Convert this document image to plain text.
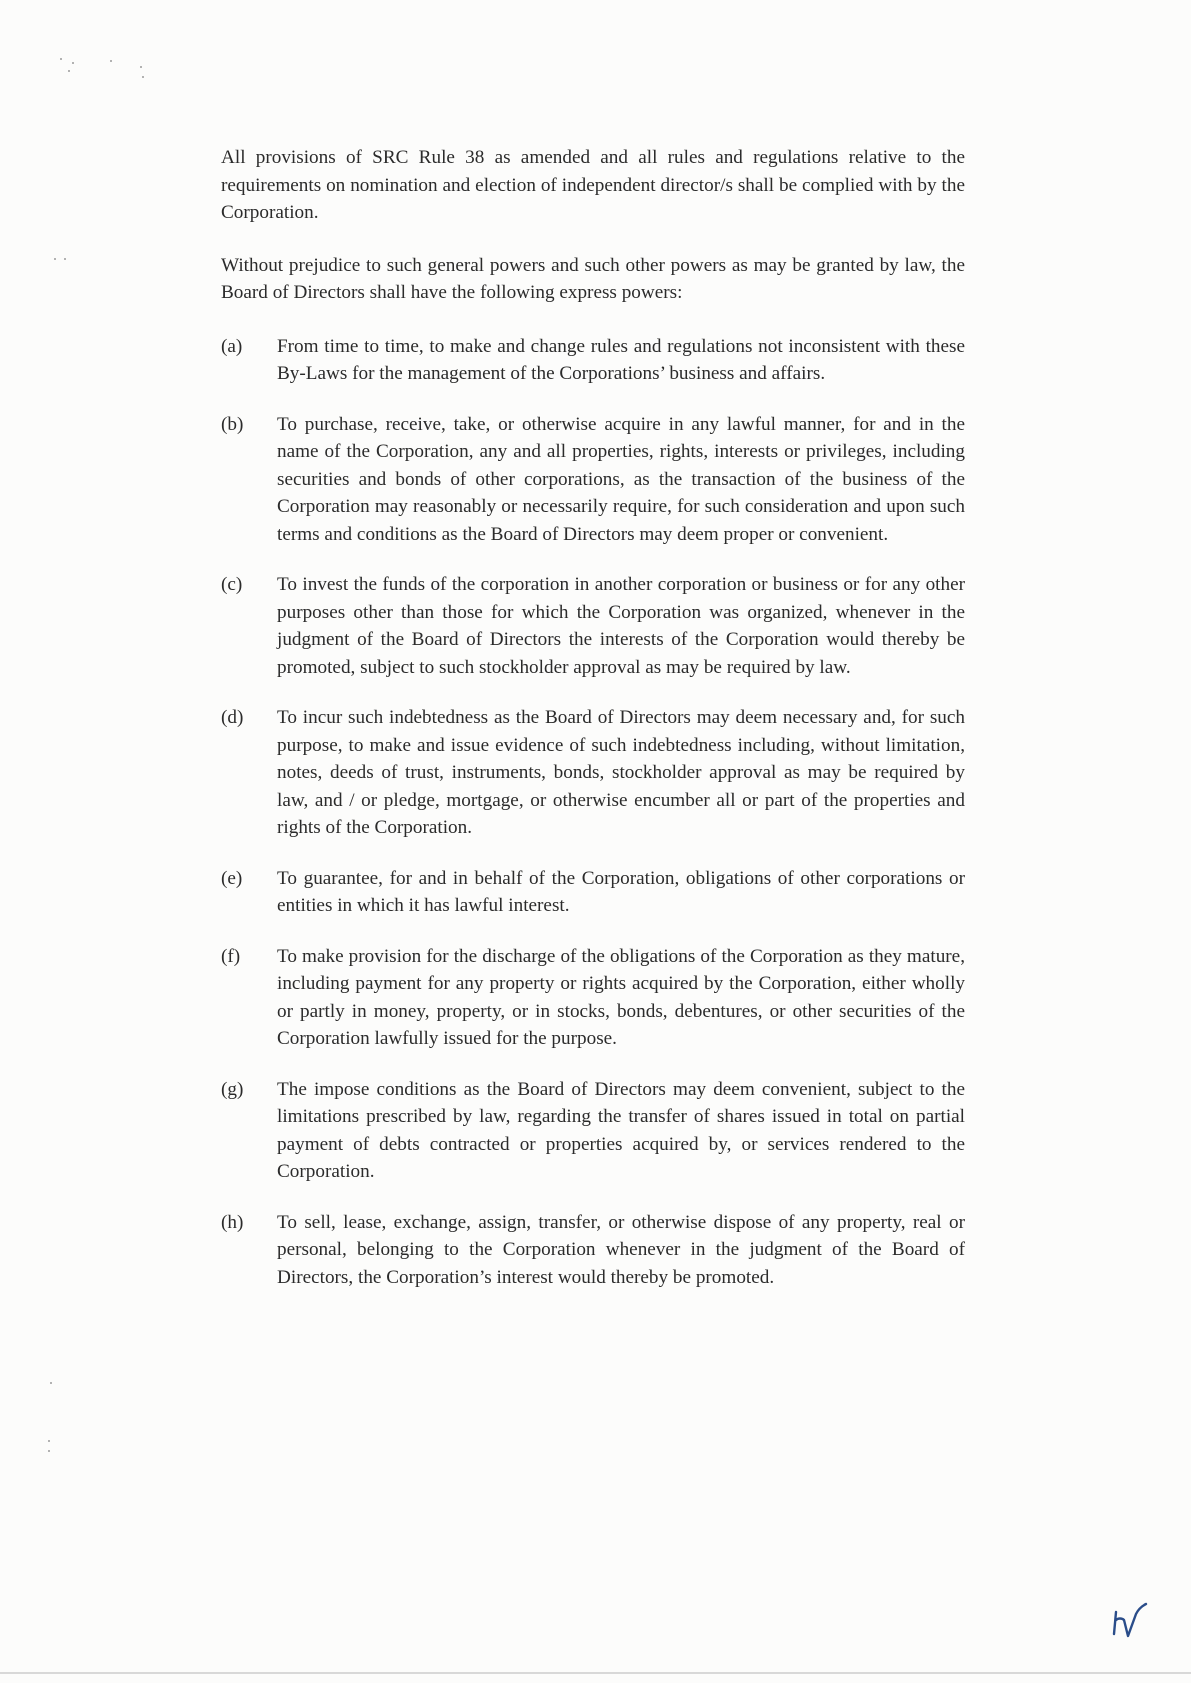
All provisions of SRC Rule 38 as amended and all rules and regulations relative to the requirements on nomination and election of independent director/s shall be complied with by the Corporation.

Without prejudice to such general powers and such other powers as may be granted by law, the Board of Directors shall have the following express powers:

(a)	From time to time, to make and change rules and regulations not inconsistent with these By-Laws for the management of the Corporations’ business and affairs.
(b)	To purchase, receive, take, or otherwise acquire in any lawful manner, for and in the name of the Corporation, any and all properties, rights, interests or privileges, including securities and bonds of other corporations, as the transaction of the business of the Corporation may reasonably or necessarily require, for such consideration and upon such terms and conditions as the Board of Directors may deem proper or convenient.
(c)	To invest the funds of the corporation in another corporation or business or for any other purposes other than those for which the Corporation was organized, whenever in the judgment of the Board of Directors the interests of the Corporation would thereby be promoted, subject to such stockholder approval as may be required by law.
(d)	To incur such indebtedness as the Board of Directors may deem necessary and, for such purpose, to make and issue evidence of such indebtedness including, without limitation, notes, deeds of trust, instruments, bonds, stockholder approval as may be required by law, and / or pledge, mortgage, or otherwise encumber all or part of the properties and rights of the Corporation.
(e)	To guarantee, for and in behalf of the Corporation, obligations of other corporations or entities in which it has lawful interest.
(f)	To make provision for the discharge of the obligations of the Corporation as they mature, including payment for any property or rights acquired by the Corporation, either wholly or partly in money, property, or in stocks, bonds, debentures, or other securities of the Corporation lawfully issued for the purpose.
(g)	The impose conditions as the Board of Directors may deem convenient, subject to the limitations prescribed by law, regarding the transfer of shares issued in total on partial payment of debts contracted or properties acquired by, or services rendered to the Corporation.
(h)	To sell, lease, exchange, assign, transfer, or otherwise dispose of any property, real or personal, belonging to the Corporation whenever in the judgment of the Board of Directors, the Corporation’s interest would thereby be promoted.
